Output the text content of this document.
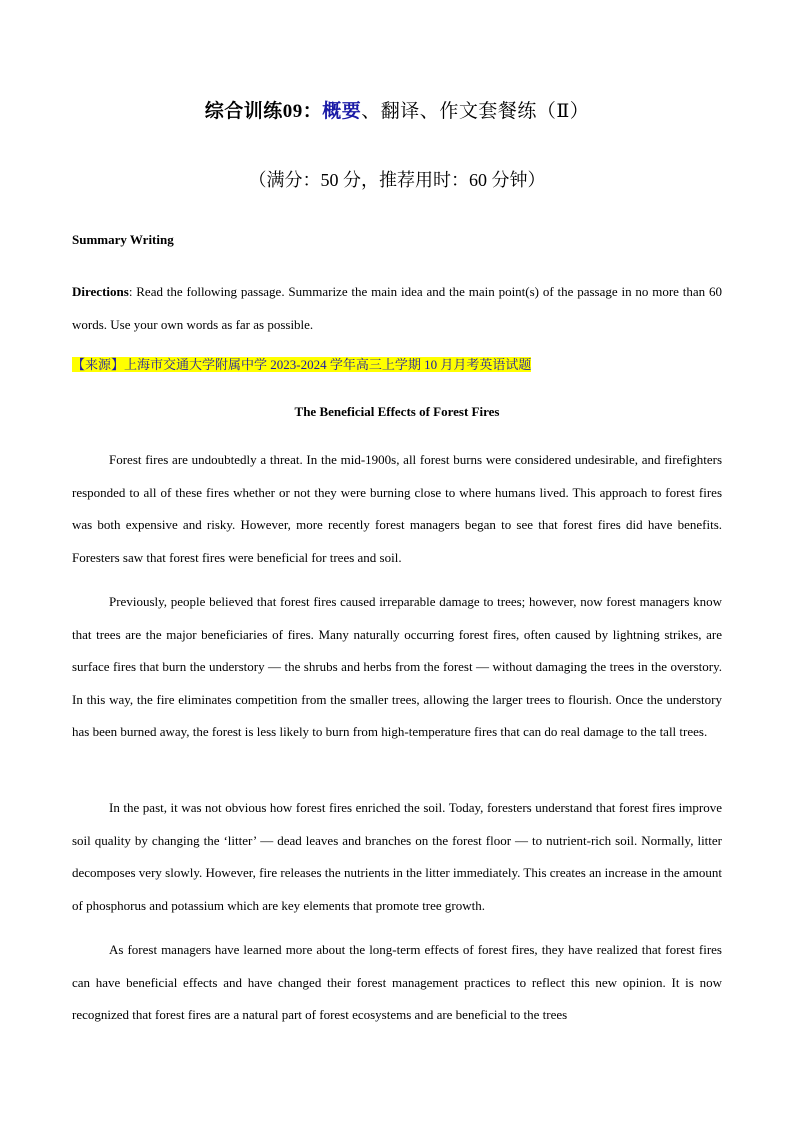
综合训练09：概要、翻译、作文套餐练（Ⅱ）
（满分：50 分，推荐用时：60 分钟）
Summary Writing
Directions: Read the following passage. Summarize the main idea and the main point(s) of the passage in no more than 60 words. Use your own words as far as possible.
【来源】上海市交通大学附属中学 2023-2024 学年高三上学期 10 月月考英语试题
The Beneficial Effects of Forest Fires

Forest fires are undoubtedly a threat. In the mid-1900s, all forest burns were considered undesirable, and firefighters responded to all of these fires whether or not they were burning close to where humans lived. This approach to forest fires was both expensive and risky. However, more recently forest managers began to see that forest fires did have benefits. Foresters saw that forest fires were beneficial for trees and soil.

Previously, people believed that forest fires caused irreparable damage to trees; however, now forest managers know that trees are the major beneficiaries of fires. Many naturally occurring forest fires, often caused by lightning strikes, are surface fires that burn the understory — the shrubs and herbs from the forest — without damaging the trees in the overstory. In this way, the fire eliminates competition from the smaller trees, allowing the larger trees to flourish. Once the understory has been burned away, the forest is less likely to burn from high-temperature fires that can do real damage to the tall trees.

In the past, it was not obvious how forest fires enriched the soil. Today, foresters understand that forest fires improve soil quality by changing the ‘litter’ — dead leaves and branches on the forest floor — to nutrient-rich soil. Normally, litter decomposes very slowly. However, fire releases the nutrients in the litter immediately. This creates an increase in the amount of phosphorus and potassium which are key elements that promote tree growth.

As forest managers have learned more about the long-term effects of forest fires, they have realized that forest fires can have beneficial effects and have changed their forest management practices to reflect this new opinion. It is now recognized that forest fires are a natural part of forest ecosystems and are beneficial to the trees
